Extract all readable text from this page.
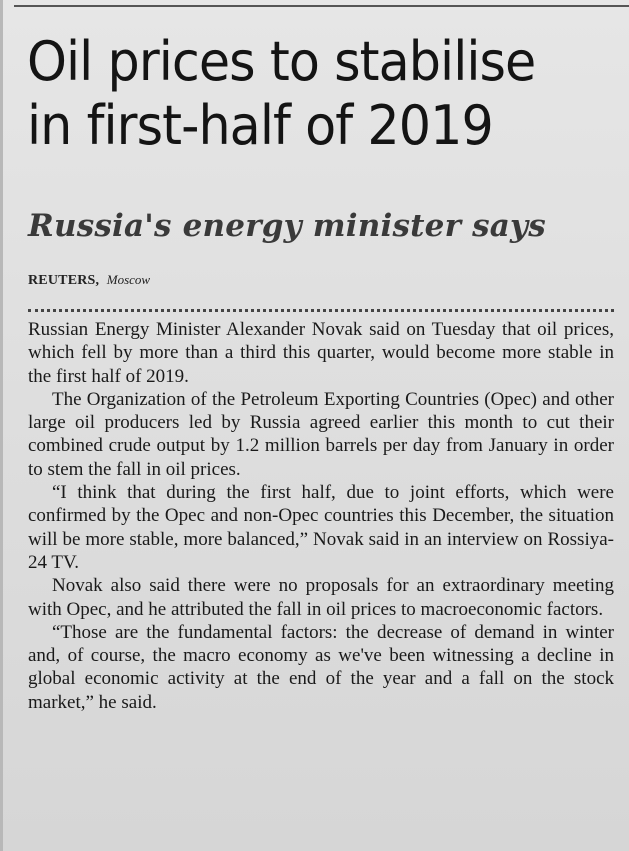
Oil prices to stabilise in first-half of 2019
Russia's energy minister says
REUTERS, Moscow

Russian Energy Minister Alexander Novak said on Tuesday that oil prices, which fell by more than a third this quarter, would become more stable in the first half of 2019.

The Organization of the Petroleum Exporting Countries (Opec) and other large oil producers led by Russia agreed earlier this month to cut their combined crude output by 1.2 million barrels per day from January in order to stem the fall in oil prices.

“I think that during the first half, due to joint efforts, which were confirmed by the Opec and non-Opec countries this December, the situation will be more stable, more balanced,” Novak said in an interview on Rossiya-24 TV.

Novak also said there were no proposals for an extraordinary meeting with Opec, and he attributed the fall in oil prices to macroeconomic factors.

“Those are the fundamental factors: the decrease of demand in winter and, of course, the macro economy as we've been witnessing a decline in global economic activity at the end of the year and a fall on the stock market,” he said.
